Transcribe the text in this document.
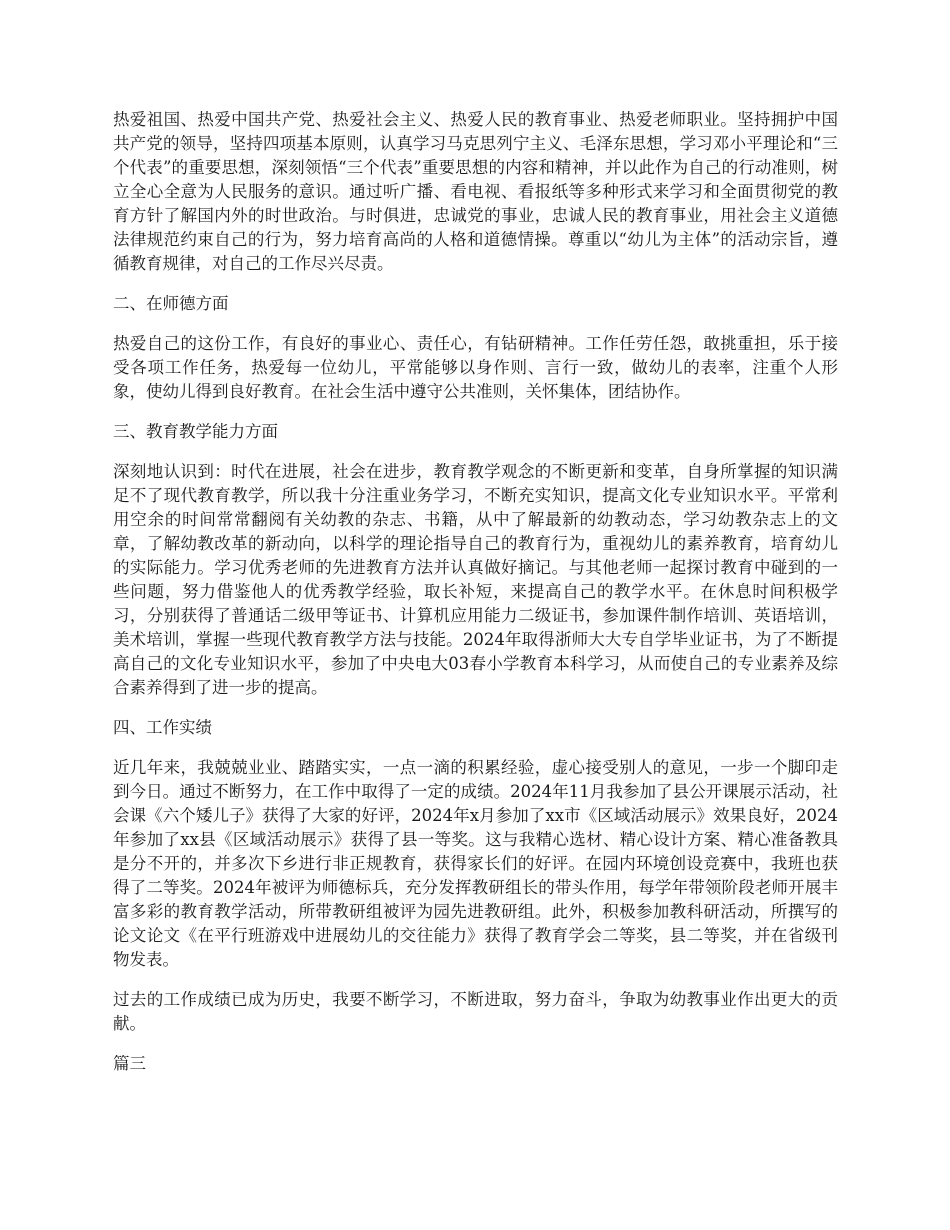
热爱祖国、热爱中国共产党、热爱社会主义、热爱人民的教育事业、热爱老师职业。坚持拥护中国共产党的领导，坚持四项基本原则，认真学习马克思列宁主义、毛泽东思想，学习邓小平理论和“三个代表”的重要思想，深刻领悟“三个代表”重要思想的内容和精神，并以此作为自己的行动准则，树立全心全意为人民服务的意识。通过听广播、看电视、看报纸等多种形式来学习和全面贯彻党的教育方针了解国内外的时世政治。与时俱进，忠诚党的事业，忠诚人民的教育事业，用社会主义道德法律规范约束自己的行为，努力培育高尚的人格和道德情操。尊重以“幼儿为主体”的活动宗旨，遵循教育规律，对自己的工作尽兴尽责。

二、在师德方面

热爱自己的这份工作，有良好的事业心、责任心，有钻研精神。工作任劳任怨，敢挑重担，乐于接受各项工作任务，热爱每一位幼儿，平常能够以身作则、言行一致，做幼儿的表率，注重个人形象，使幼儿得到良好教育。在社会生活中遵守公共准则，关怀集体，团结协作。

三、教育教学能力方面

深刻地认识到：时代在进展，社会在进步，教育教学观念的不断更新和变革，自身所掌握的知识满足不了现代教育教学，所以我十分注重业务学习，不断充实知识，提高文化专业知识水平。平常利用空余的时间常常翻阅有关幼教的杂志、书籍，从中了解最新的幼教动态，学习幼教杂志上的文章，了解幼教改革的新动向，以科学的理论指导自己的教育行为，重视幼儿的素养教育，培育幼儿的实际能力。学习优秀老师的先进教育方法并认真做好摘记。与其他老师一起探讨教育中碰到的一些问题，努力借鉴他人的优秀教学经验，取长补短，来提高自己的教学水平。在休息时间积极学习，分别获得了普通话二级甲等证书、计算机应用能力二级证书，参加课件制作培训、英语培训，美术培训，掌握一些现代教育教学方法与技能。2024年取得浙师大大专自学毕业证书，为了不断提高自己的文化专业知识水平，参加了中央电大03春小学教育本科学习，从而使自己的专业素养及综合素养得到了进一步的提高。

四、工作实绩

近几年来，我兢兢业业、踏踏实实，一点一滴的积累经验，虚心接受别人的意见，一步一个脚印走到今日。通过不断努力，在工作中取得了一定的成绩。2024年11月我参加了县公开课展示活动，社会课《六个矮儿子》获得了大家的好评，2024年x月参加了xx市《区域活动展示》效果良好，2024年参加了xx县《区域活动展示》获得了县一等奖。这与我精心选材、精心设计方案、精心准备教具是分不开的，并多次下乡进行非正规教育，获得家长们的好评。在园内环境创设竞赛中，我班也获得了二等奖。2024年被评为师德标兵，充分发挥教研组长的带头作用，每学年带领阶段老师开展丰富多彩的教育教学活动，所带教研组被评为园先进教研组。此外，积极参加教科研活动，所撰写的论文论文《在平行班游戏中进展幼儿的交往能力》获得了教育学会二等奖，县二等奖，并在省级刊物发表。

过去的工作成绩已成为历史，我要不断学习，不断进取，努力奋斗，争取为幼教事业作出更大的贡献。

篇三
